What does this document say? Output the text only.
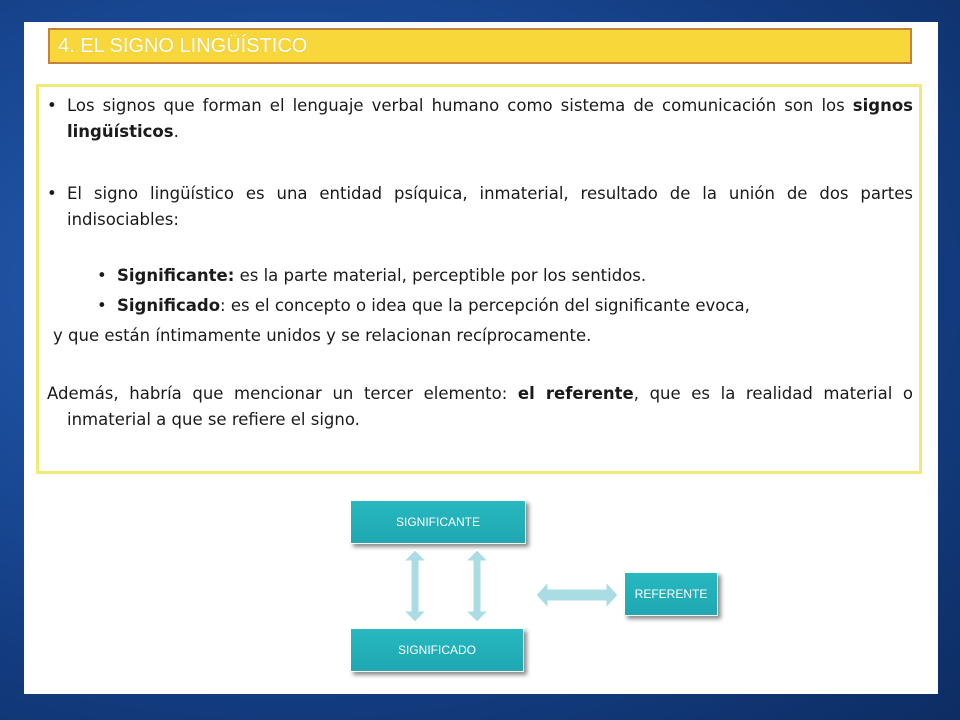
4. EL SIGNO LINGÜÍSTICO
• Los signos que forman el lenguaje verbal humano como sistema de comunicación son los signos lingüísticos.
• El signo lingüístico es una entidad psíquica, inmaterial, resultado de la unión de dos partes indisociables:
• Significante: es la parte material, perceptible por los sentidos.
• Significado: es el concepto o idea que la percepción del significante evoca,
y que están íntimamente unidos y se relacionan recíprocamente.
Además, habría que mencionar un tercer elemento: el referente, que es la realidad material o inmaterial a que se refiere el signo.
SIGNIFICANTE
SIGNIFICADO
REFERENTE
